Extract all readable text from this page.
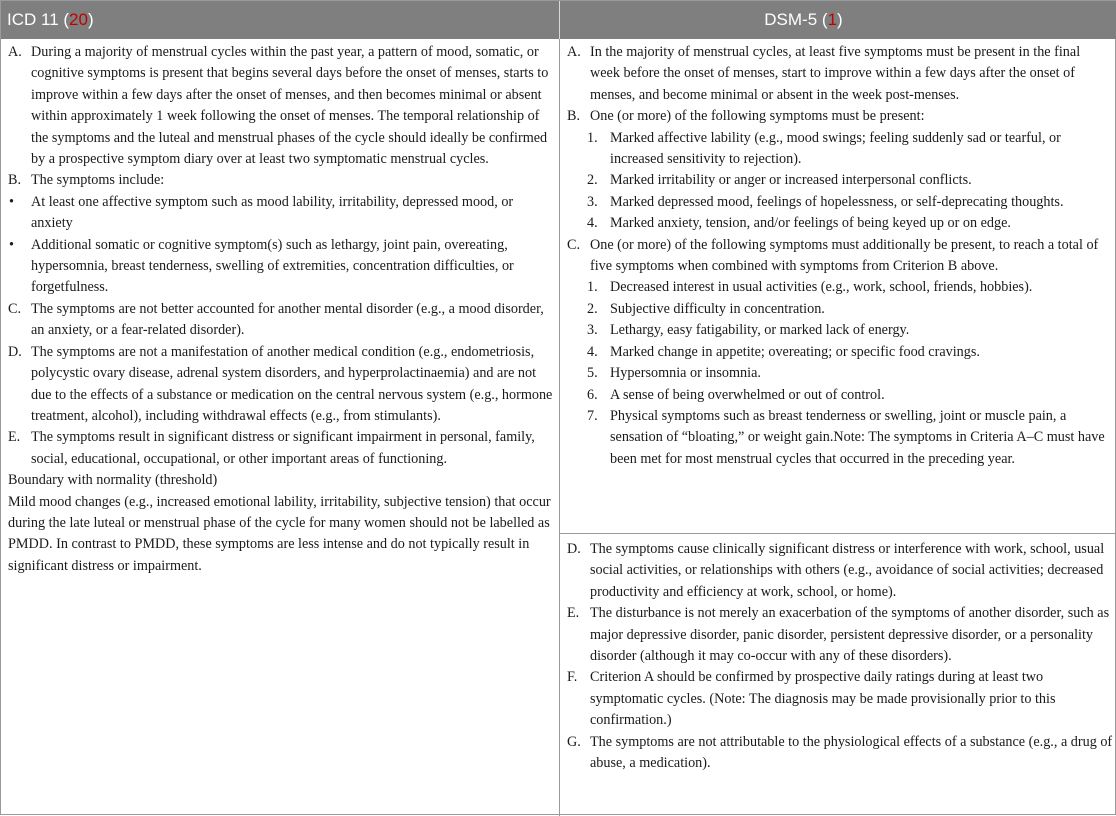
ICD 11 ( 20 )	DSM-5 ( 1 )
A. During a majority of menstrual cycles within the past year, a pattern of mood, somatic, or cognitive symptoms is present that begins several days before the onset of menses, starts to improve within a few days after the onset of menses, and then becomes minimal or absent within approximately 1 week following the onset of menses. The temporal relationship of the symptoms and the luteal and menstrual phases of the cycle should ideally be confirmed by a prospective symptom diary over at least two symptomatic menstrual cycles.
B. The symptoms include:
•	At least one affective symptom such as mood lability, irritability, depressed mood, or anxiety
•	Additional somatic or cognitive symptom(s) such as lethargy, joint pain, overeating, hypersomnia, breast tenderness, swelling of extremities, concentration difficulties, or forgetfulness.
C. The symptoms are not better accounted for another mental disorder (e.g., a mood disorder, an anxiety, or a fear-related disorder).
D. The symptoms are not a manifestation of another medical condition (e.g., endometriosis, polycystic ovary disease, adrenal system disorders, and hyperprolactinaemia) and are not due to the effects of a substance or medication on the central nervous system (e.g., hormone treatment, alcohol), including withdrawal effects (e.g., from stimulants).
E. The symptoms result in significant distress or significant impairment in personal, family, social, educational, occupational, or other important areas of functioning.
Boundary with normality (threshold)
Mild mood changes (e.g., increased emotional lability, irritability, subjective tension) that occur during the late luteal or menstrual phase of the cycle for many women should not be labelled as PMDD. In contrast to PMDD, these symptoms are less intense and do not typically result in significant distress or impairment.
A. In the majority of menstrual cycles, at least five symptoms must be present in the final week before the onset of menses, start to improve within a few days after the onset of menses, and become minimal or absent in the week post-menses.
B. One (or more) of the following symptoms must be present:
1. Marked affective lability (e.g., mood swings; feeling suddenly sad or tearful, or increased sensitivity to rejection).
2. Marked irritability or anger or increased interpersonal conflicts.
3. Marked depressed mood, feelings of hopelessness, or self-deprecating thoughts.
4. Marked anxiety, tension, and/or feelings of being keyed up or on edge.
C. One (or more) of the following symptoms must additionally be present, to reach a total of five symptoms when combined with symptoms from Criterion B above.
1. Decreased interest in usual activities (e.g., work, school, friends, hobbies).
2. Subjective difficulty in concentration.
3. Lethargy, easy fatigability, or marked lack of energy.
4. Marked change in appetite; overeating; or specific food cravings.
5. Hypersomnia or insomnia.
6. A sense of being overwhelmed or out of control.
7. Physical symptoms such as breast tenderness or swelling, joint or muscle pain, a sensation of “bloating,” or weight gain.Note: The symptoms in Criteria A–C must have been met for most menstrual cycles that occurred in the preceding year.
D. The symptoms cause clinically significant distress or interference with work, school, usual social activities, or relationships with others (e.g., avoidance of social activities; decreased productivity and efficiency at work, school, or home).
E. The disturbance is not merely an exacerbation of the symptoms of another disorder, such as major depressive disorder, panic disorder, persistent depressive disorder, or a personality disorder (although it may co-occur with any of these disorders).
F. Criterion A should be confirmed by prospective daily ratings during at least two symptomatic cycles. (Note: The diagnosis may be made provisionally prior to this confirmation.)
G. The symptoms are not attributable to the physiological effects of a substance (e.g., a drug of abuse, a medication).
